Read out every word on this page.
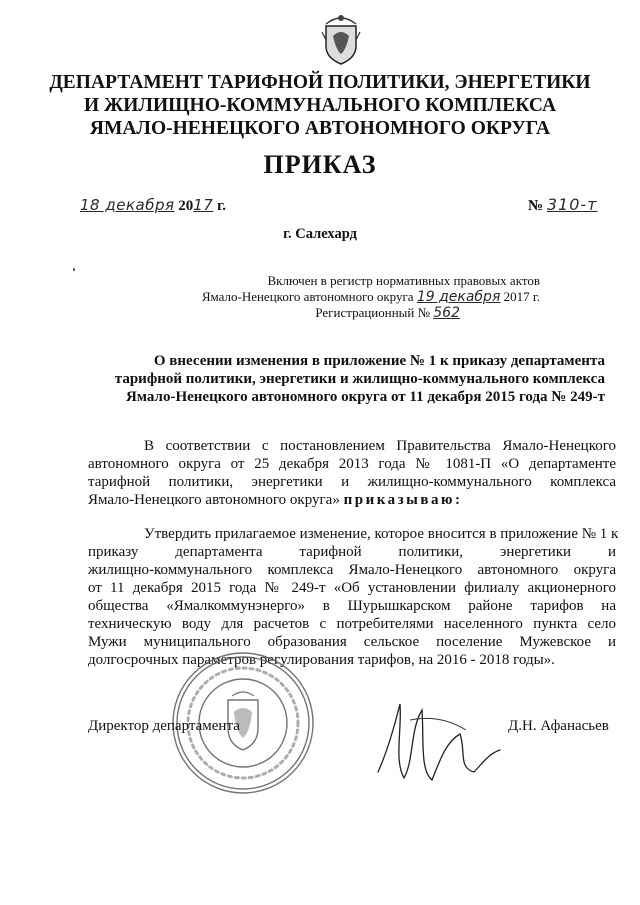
ДЕПАРТАМЕНТ ТАРИФНОЙ ПОЛИТИКИ, ЭНЕРГЕТИКИ
И ЖИЛИЩНО-КОММУНАЛЬНОГО КОМПЛЕКСА
ЯМАЛО-НЕНЕЦКОГО АВТОНОМНОГО ОКРУГА
ПРИКАЗ
18 декабря 2017 г.	№ 310-т
г. Салехард
Включен в регистр нормативных правовых актов
Ямало-Ненецкого автономного округа 19 декабря 2017 г.
Регистрационный № 562
О внесении изменения в приложение № 1 к приказу департамента
тарифной политики, энергетики и жилищно-коммунального комплекса
Ямало-Ненецкого автономного округа от 11 декабря 2015 года № 249-т
В соответствии с постановлением Правительства Ямало-Ненецкого
автономного округа от 25 декабря 2013 года № 1081-П «О департаменте
тарифной политики, энергетики и жилищно-коммунального комплекса
Ямало-Ненецкого автономного округа» приказываю:
Утвердить прилагаемое изменение, которое вносится в приложение № 1 к
приказу департамента тарифной политики, энергетики и
жилищно-коммунального комплекса Ямало-Ненецкого автономного округа
от 11 декабря 2015 года № 249-т «Об установлении филиалу акционерного
общества «Ямалкоммунэнерго» в Шурышкарском районе тарифов на
техническую воду для расчетов с потребителями населенного пункта село
Мужи муниципального образования сельское поселение Мужевское и
долгосрочных параметров регулирования тарифов, на 2016 - 2018 годы».
Директор департамента	Д.Н. Афанасьев
